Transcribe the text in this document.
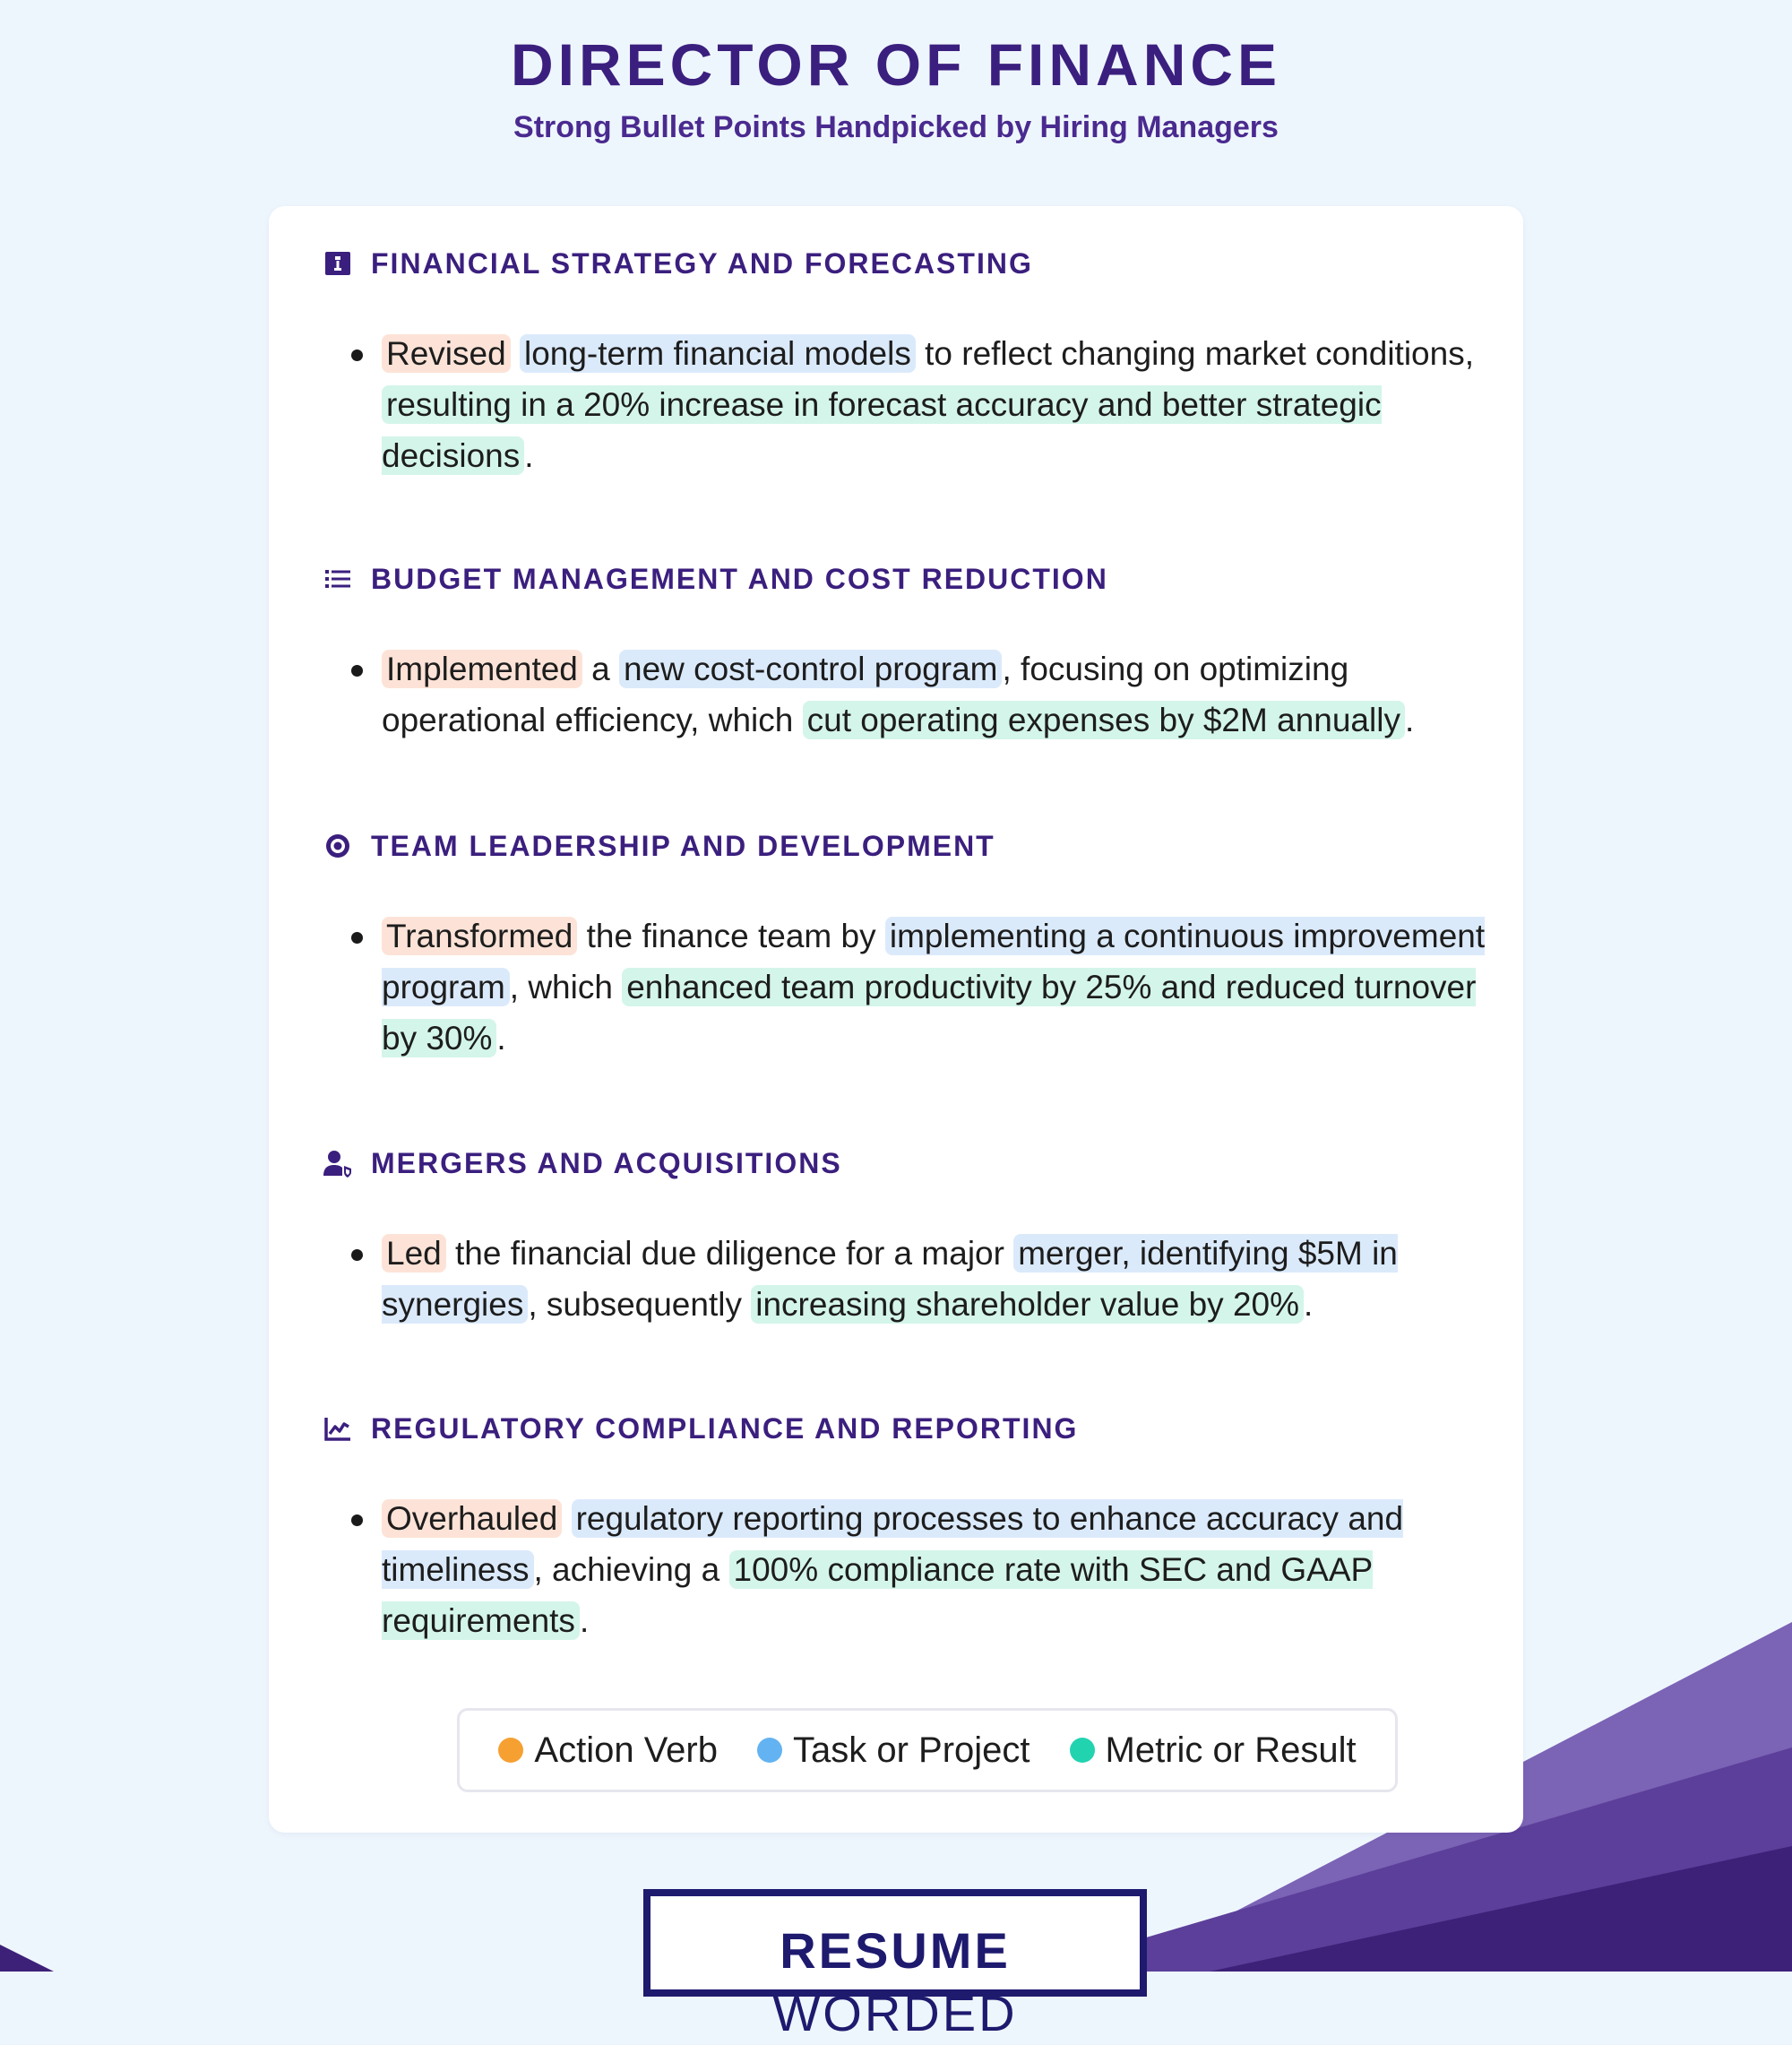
DIRECTOR OF FINANCE

Strong Bullet Points Handpicked by Hiring Managers

FINANCIAL STRATEGY AND FORECASTING

Revised long-term financial models to reflect changing market conditions, resulting in a 20% increase in forecast accuracy and better strategic decisions .

BUDGET MANAGEMENT AND COST REDUCTION

Implemented a new cost-control program , focusing on optimizing operational efficiency, which cut operating expenses by $2M annually .

TEAM LEADERSHIP AND DEVELOPMENT

Transformed the finance team by implementing a continuous improvement program , which enhanced team productivity by 25% and reduced turnover by 30% .

MERGERS AND ACQUISITIONS

Led the financial due diligence for a major merger, identifying $5M in synergies , subsequently increasing shareholder value by 20% .

REGULATORY COMPLIANCE AND REPORTING

Overhauled regulatory reporting processes to enhance accuracy and timeliness , achieving a 100% compliance rate with SEC and GAAP requirements .

Action Verb Task or Project Metric or Result
RESUME WORDED
